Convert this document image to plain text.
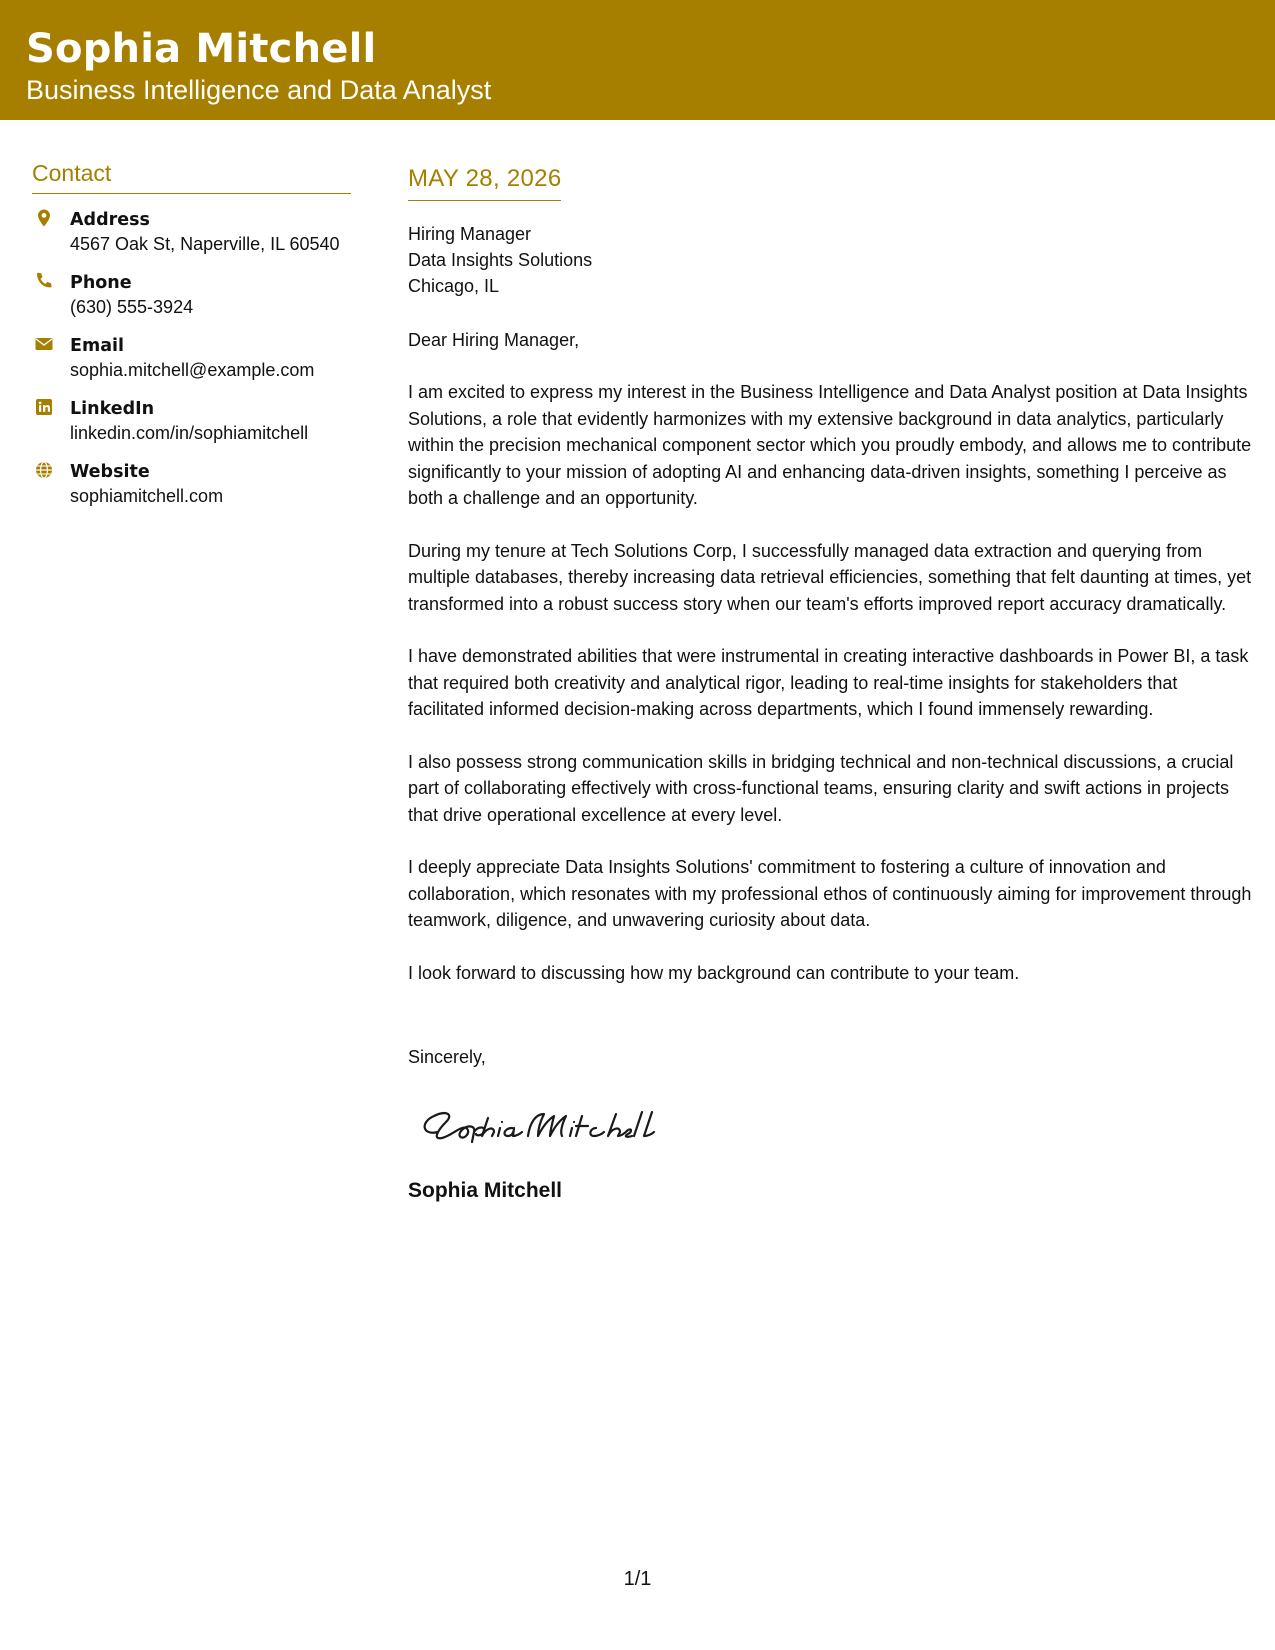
Sophia Mitchell
Business Intelligence and Data Analyst
Contact
Address
4567 Oak St, Naperville, IL 60540
Phone
(630) 555-3924
Email
sophia.mitchell@example.com
LinkedIn
linkedin.com/in/sophiamitchell
Website
sophiamitchell.com
MAY 28, 2026
Hiring Manager
Data Insights Solutions
Chicago, IL
Dear Hiring Manager,
I am excited to express my interest in the Business Intelligence and Data Analyst position at Data Insights Solutions, a role that evidently harmonizes with my extensive background in data analytics, particularly within the precision mechanical component sector which you proudly embody, and allows me to contribute significantly to your mission of adopting AI and enhancing data-driven insights, something I perceive as both a challenge and an opportunity.
During my tenure at Tech Solutions Corp, I successfully managed data extraction and querying from multiple databases, thereby increasing data retrieval efficiencies, something that felt daunting at times, yet transformed into a robust success story when our team's efforts improved report accuracy dramatically.
I have demonstrated abilities that were instrumental in creating interactive dashboards in Power BI, a task that required both creativity and analytical rigor, leading to real-time insights for stakeholders that facilitated informed decision-making across departments, which I found immensely rewarding.
I also possess strong communication skills in bridging technical and non-technical discussions, a crucial part of collaborating effectively with cross-functional teams, ensuring clarity and swift actions in projects that drive operational excellence at every level.
I deeply appreciate Data Insights Solutions' commitment to fostering a culture of innovation and collaboration, which resonates with my professional ethos of continuously aiming for improvement through teamwork, diligence, and unwavering curiosity about data.
I look forward to discussing how my background can contribute to your team.
Sincerely,
Sophia Mitchell
1/1
